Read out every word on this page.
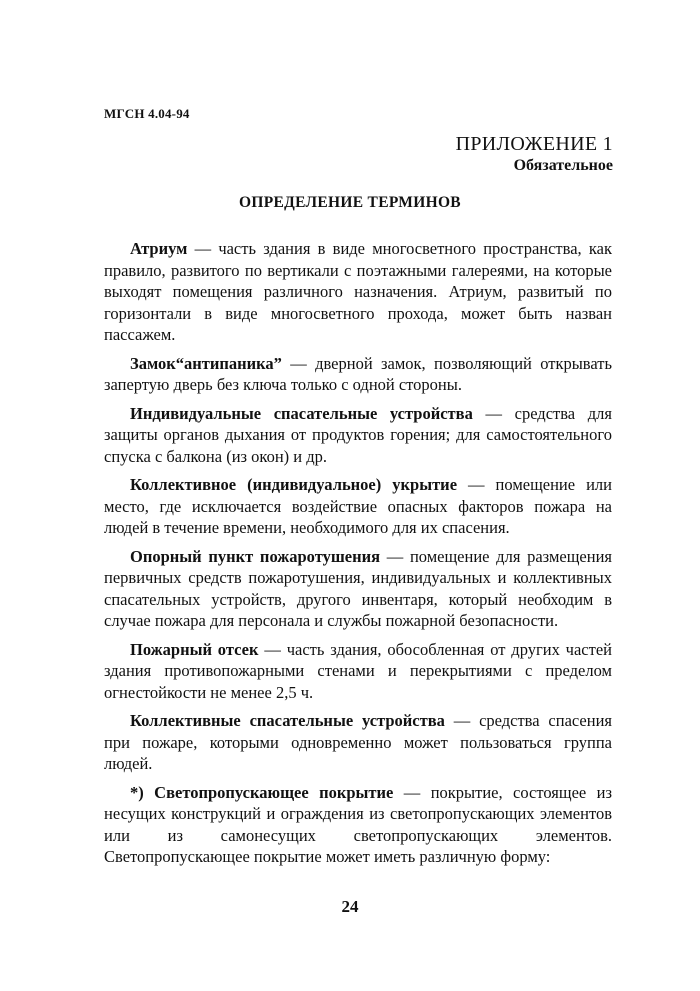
МГСН 4.04-94
ПРИЛОЖЕНИЕ 1
Обязательное
ОПРЕДЕЛЕНИЕ ТЕРМИНОВ

Атриум — часть здания в виде многосветного пространства, как правило, развитого по вертикали с поэтажными галереями, на которые выходят помещения различного назначения. Атриум, развитый по горизонтали в виде многосветного прохода, может быть назван пассажем.

Замок“антипаника” — дверной замок, позволяющий открывать запертую дверь без ключа только с одной стороны.

Индивидуальные спасательные устройства — средства для защиты органов дыхания от продуктов горения; для самостоятельного спуска с балкона (из окон) и др.

Коллективное (индивидуальное) укрытие — помещение или место, где исключается воздействие опасных факторов пожара на людей в течение времени, необходимого для их спасения.

Опорный пункт пожаротушения — помещение для размещения первичных средств пожаротушения, индивидуальных и коллективных спасательных устройств, другого инвентаря, который необходим в случае пожара для персонала и службы пожарной безопасности.

Пожарный отсек — часть здания, обособленная от других частей здания противопожарными стенами и перекрытиями с пределом огнестойкости не менее 2,5 ч.

Коллективные спасательные устройства — средства спасения при пожаре, которыми одновременно может пользоваться группа людей.

*) Светопропускающее покрытие — покрытие, состоящее из несущих конструкций и ограждения из светопропускающих элементов или из самонесущих светопропускающих элементов. Светопропускающее покрытие может иметь различную форму:

24
